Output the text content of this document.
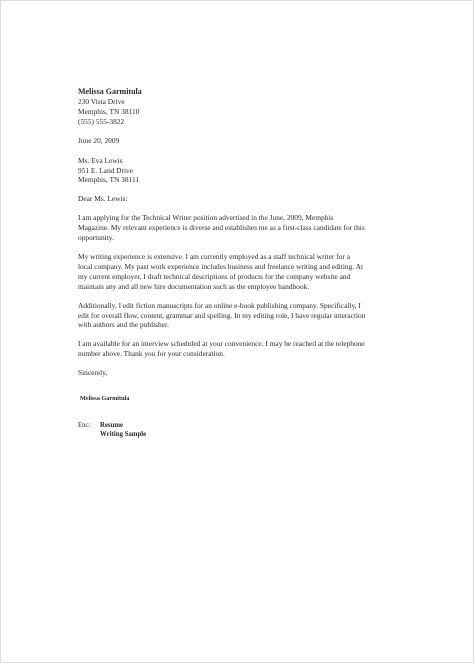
Melissa Garmitula
230 Vista Drive
Memphis, TN 38110
(555) 555-3822
June 20, 2009
Ms. Eva Lewis
951 E. Land Drive
Memphis, TN 38111
Dear Ms. Lewis:
I am applying for the Technical Writer position advertised in the June, 2009, Memphis
Magazine. My relevant experience is diverse and establishes me as a first-class candidate for this
opportunity.
My writing experience is extensive. I am currently employed as a staff technical writer for a
local company. My past work experience includes business and freelance writing and editing. At
my current employer, I draft technical descriptions of products for the company website and
maintain any and all new hire documentation such as the employee handbook.
Additionally, I edit fiction manuscripts for an online e-book publishing company. Specifically, I
edit for overall flow, content, grammar and spelling. In my editing role, I have regular interaction
with authors and the publisher.
I am available for an interview scheduled at your convenience. I may be reached at the telephone
number above. Thank you for your consideration.
Sincerely,
Melissa Garmitula
Enc:	Resume
Writing Sample
